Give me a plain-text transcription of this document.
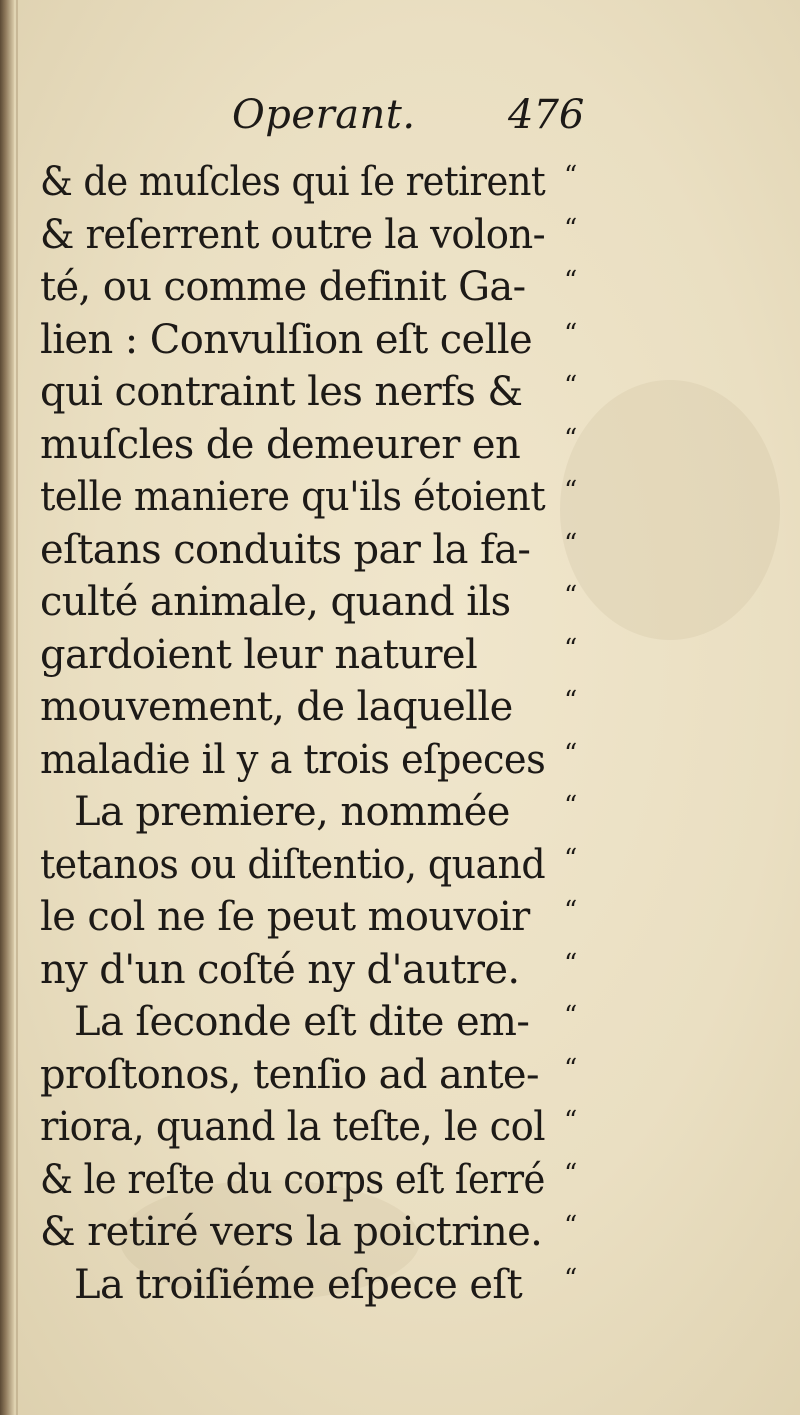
Operant. 476
& de muſcles qui ſe retirent “
& reſerrent outre la volon- “
té, ou comme definit Ga- “
lien : Convulſion eſt celle “
qui contraint les nerfs & “
muſcles de demeurer en “
telle maniere qu'ils étoient “
eſtans conduits par la fa- “
culté animale, quand ils “
gardoient leur naturel	“
mouvement, de laquelle “
maladie il y a trois eſpeces “
La premiere, nommée “
tetanos ou diſtentio, quand “
le col ne ſe peut mouvoir “
ny d'un coſté ny d'autre. “
La ſeconde eſt dite em- “
proſtonos, tenſio ad ante- “
riora, quand la teſte, le col “
& le reſte du corps eſt ſerré “
& retiré vers la poictrine. “
La troiſiéme eſpece eſt “
